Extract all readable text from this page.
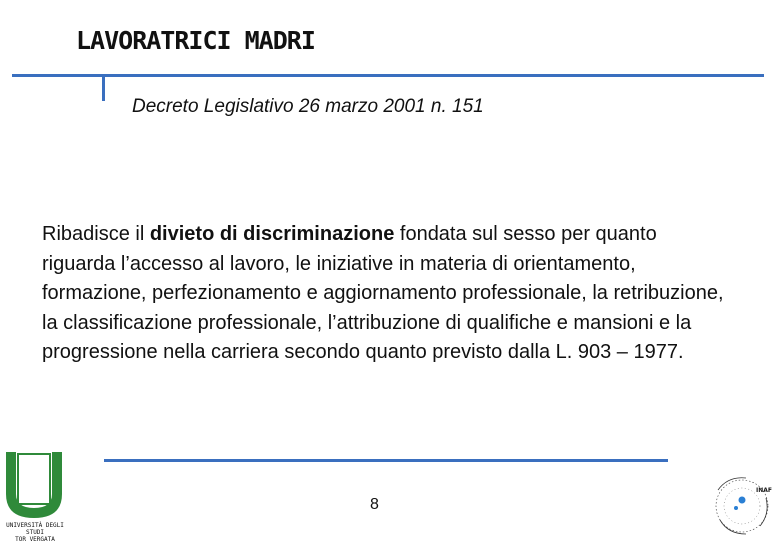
LAVORATRICI MADRI
Decreto Legislativo 26 marzo 2001 n. 151
Ribadisce il divieto di discriminazione fondata sul sesso per quanto riguarda l’accesso al lavoro, le iniziative in materia di orientamento, formazione, perfezionamento e aggiornamento professionale, la retribuzione, la classificazione professionale, l’attribuzione di qualifiche e mansioni e la progressione nella carriera secondo quanto previsto dalla L. 903 – 1977.
8
UNIVERSITÀ DEGLI STUDI
TOR VERGATA
INAF
